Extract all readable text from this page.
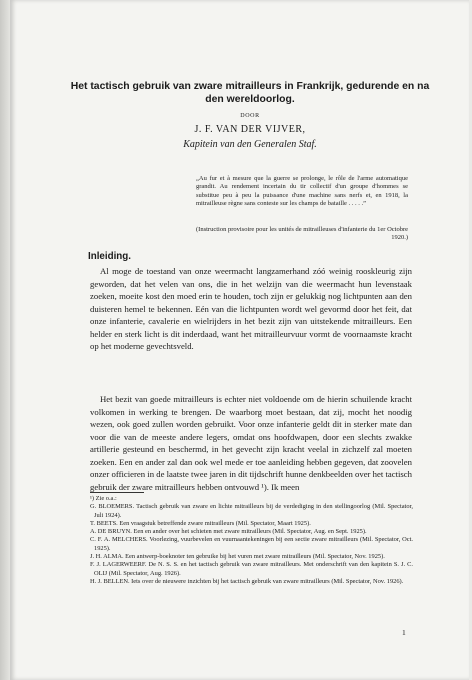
Het tactisch gebruik van zware mitrailleurs in Frankrijk, gedurende en na den wereldoorlog.
DOOR
J. F. VAN DER VIJVER,
Kapitein van den Generalen Staf.

„Au fur et à mesure que la guerre se prolonge, le rôle de l'arme automatique grandit. Au rendement incertain du tir collectif d'un groupe d'hommes se substitue peu à peu la puissance d'une machine sans nerfs et, en 1918, la mitrailleuse règne sans conteste sur les champs de bataille . . . . .”

(Instruction provisoire pour les unités de mitrailleuses d'infanterie du 1er Octobre 1920.)

Inleiding.

Al moge de toestand van onze weermacht langzamerhand zóó weinig rooskleurig zijn geworden, dat het velen van ons, die in het welzijn van die weermacht hun levenstaak zoeken, moeite kost den moed erin te houden, toch zijn er gelukkig nog lichtpunten aan den duisteren hemel te bekennen. Eén van die lichtpunten wordt wel gevormd door het feit, dat onze infanterie, cavalerie en wielrijders in het bezit zijn van uitstekende mitrailleurs. Een helder en sterk licht is dit inderdaad, want het mitrailleurvuur vormt de voornaamste kracht op het moderne gevechtsveld.

Het bezit van goede mitrailleurs is echter niet voldoende om de hierin schuilende kracht volkomen in werking te brengen. De waarborg moet bestaan, dat zij, mocht het noodig wezen, ook goed zullen worden gebruikt. Voor onze infanterie geldt dit in sterker mate dan voor die van de meeste andere legers, omdat ons hoofdwapen, door een slechts zwakke artillerie gesteund en beschermd, in het gevecht zijn kracht veelal in zichzelf zal moeten zoeken. Een en ander zal dan ook wel mede er toe aanleiding hebben gegeven, dat zoovelen onzer officieren in de laatste twee jaren in dit tijdschrift hunne denkbeelden over het tactisch gebruik der zware mitrailleurs hebben ontvouwd ¹). Ik meen

¹) Zie o.a.:
G. BLOEMERS. Tactisch gebruik van zware en lichte mitrailleurs bij de verdediging in den stellingoorlog (Mil. Spectator, Juli 1924).
T. BEETS. Een vraagstuk betreffende zware mitrailleurs (Mil. Spectator, Maart 1925).
A. DE BRUYN. Een en ander over het schieten met zware mitrailleurs (Mil. Spectator, Aug. en Sept. 1925).
C. F. A. MELCHERS. Voorlezing, vuurbevelen en vuurnaantekeningen bij een sectie zware mitrailleurs (Mil. Spectator, Oct. 1925).
J. H. ALMA. Een antwerp-boeknoter ten gebruike bij het vuren met zware mitrailleurs (Mil. Spectator, Nov. 1925).
F. J. LAGERWEERF. De N. S. S. en het tactisch gebruik van zware mitrailleurs. Met onderschrift van den kapitein S. J. C. OLIJ (Mil. Spectator, Aug. 1926).
H. J. BELLEN. Iets over de nieuwere inzichten bij het tactisch gebruik van zware mitrailleurs (Mil. Spectator, Nov. 1926).
1
